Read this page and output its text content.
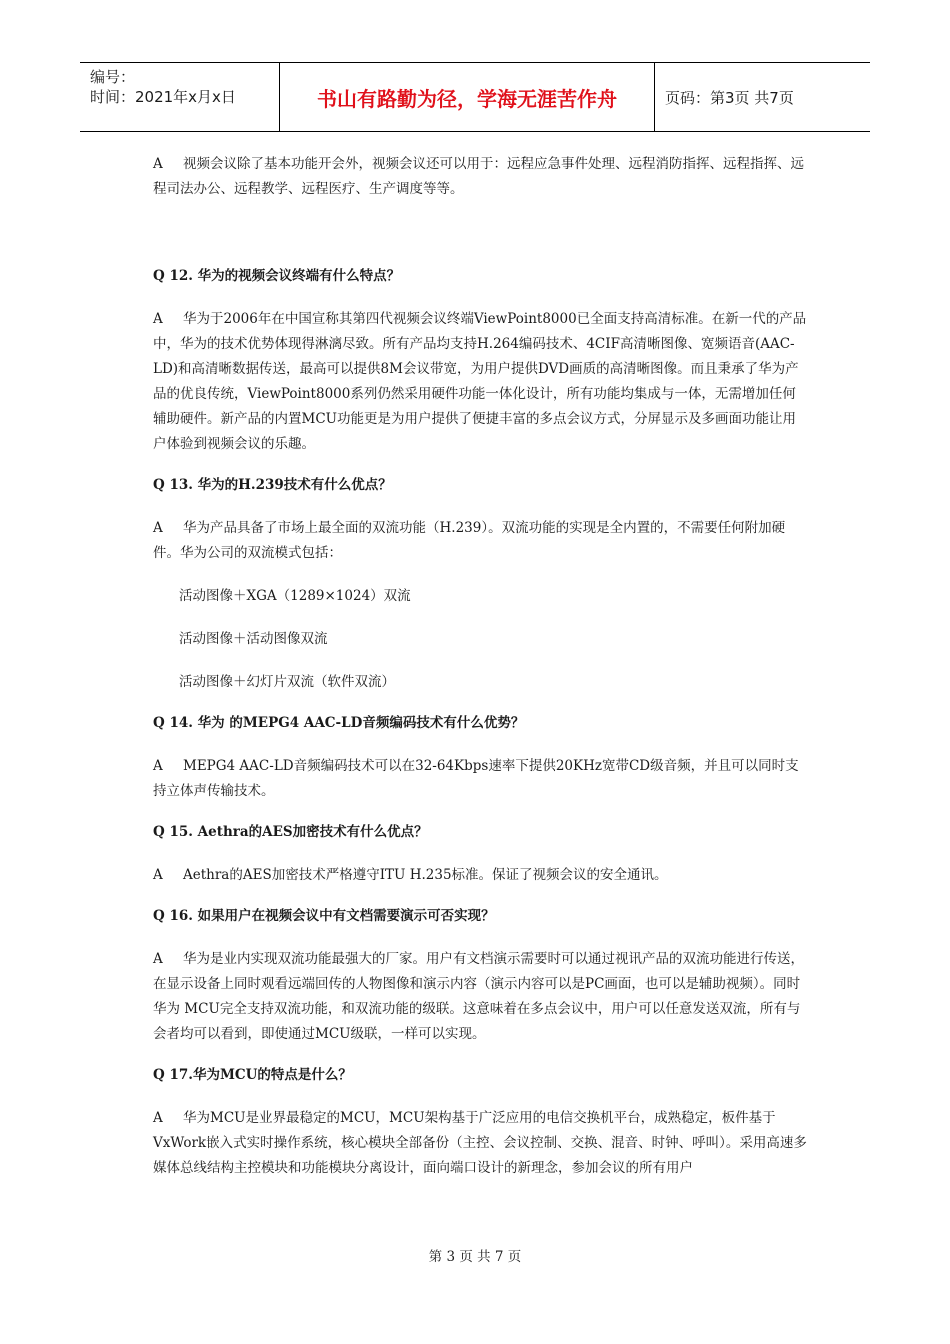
编号：
时间：2021年x月x日	书山有路勤为径，学海无涯苦作舟	页码：第3页 共7页

A 视频会议除了基本功能开会外，视频会议还可以用于：远程应急事件处理、远程消防指挥、远程指挥、远程司法办公、远程教学、远程医疗、生产调度等等。

Q 12. 华为的视频会议终端有什么特点？

A 华为于2006年在中国宣称其第四代视频会议终端ViewPoint8000已全面支持高清标准。在新一代的产品中，华为的技术优势体现得淋漓尽致。所有产品均支持H.264编码技术、4CIF高清晰图像、宽频语音(AAC-LD)和高清晰数据传送，最高可以提供8M会议带宽，为用户提供DVD画质的高清晰图像。而且秉承了华为产品的优良传统，ViewPoint8000系列仍然采用硬件功能一体化设计，所有功能均集成与一体，无需增加任何辅助硬件。新产品的内置MCU功能更是为用户提供了便捷丰富的多点会议方式，分屏显示及多画面功能让用户体验到视频会议的乐趣。

Q 13. 华为的H.239技术有什么优点？

A 华为产品具备了市场上最全面的双流功能（H.239）。双流功能的实现是全内置的，不需要任何附加硬件。华为公司的双流模式包括：

活动图像＋XGA（1289×1024）双流

活动图像＋活动图像双流

活动图像＋幻灯片双流（软件双流）

Q 14. 华为 的MEPG4 AAC-LD音频编码技术有什么优势？

A MEPG4 AAC-LD音频编码技术可以在32-64Kbps速率下提供20KHz宽带CD级音频，并且可以同时支持立体声传输技术。

Q 15. Aethra的AES加密技术有什么优点？

A Aethra的AES加密技术严格遵守ITU H.235标准。保证了视频会议的安全通讯。

Q 16. 如果用户在视频会议中有文档需要演示可否实现？

A 华为是业内实现双流功能最强大的厂家。用户有文档演示需要时可以通过视讯产品的双流功能进行传送，在显示设备上同时观看远端回传的人物图像和演示内容（演示内容可以是PC画面，也可以是辅助视频）。同时华为 MCU完全支持双流功能，和双流功能的级联。这意味着在多点会议中，用户可以任意发送双流，所有与会者均可以看到，即使通过MCU级联，一样可以实现。

Q 17.华为MCU的特点是什么？

A 华为MCU是业界最稳定的MCU，MCU架构基于广泛应用的电信交换机平台，成熟稳定，板件基于VxWork嵌入式实时操作系统，核心模块全部备份（主控、会议控制、交换、混音、时钟、呼叫）。采用高速多媒体总线结构主控模块和功能模块分离设计，面向端口设计的新理念，参加会议的所有用户

第 3 页 共 7 页
